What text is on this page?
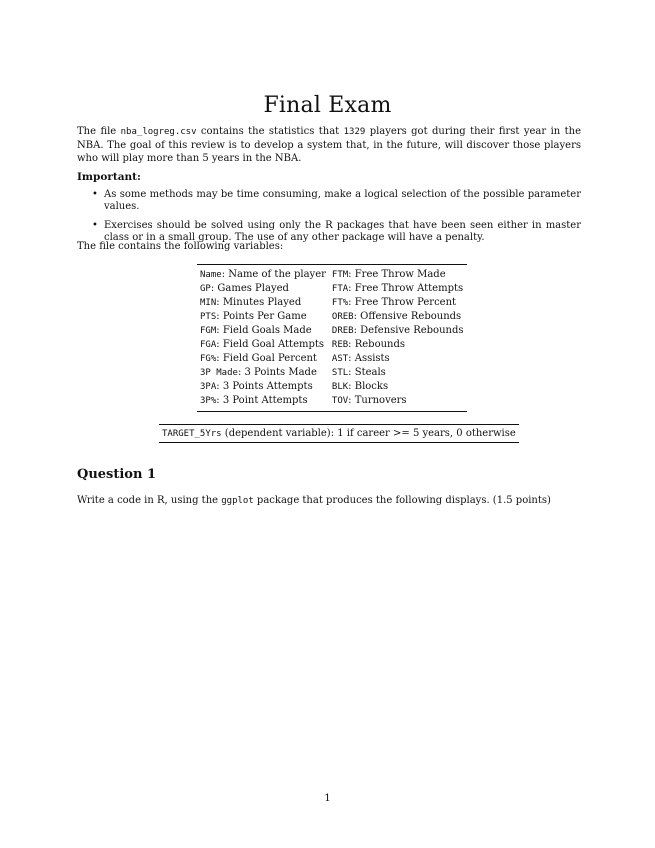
Final Exam

The file nba_logreg.csv contains the statistics that 1329 players got during their first year in the NBA. The goal of this review is to develop a system that, in the future, will discover those players who will play more than 5 years in the NBA.

Important:
• As some methods may be time consuming, make a logical selection of the possible parameter values.
• Exercises should be solved using only the R packages that have been seen either in master class or in a small group. The use of any other package will have a penalty.
The file contains the following variables:
Name: Name of the player	FTM: Free Throw Made
GP: Games Played	FTA: Free Throw Attempts
MIN: Minutes Played	FT%: Free Throw Percent
PTS: Points Per Game	OREB: Offensive Rebounds
FGM: Field Goals Made	DREB: Defensive Rebounds
FGA: Field Goal Attempts	REB: Rebounds
FG%: Field Goal Percent	AST: Assists
3P Made: 3 Points Made	STL: Steals
3PA: 3 Points Attempts	BLK: Blocks
3P%: 3 Point Attempts	TOV: Turnovers
TARGET_5Yrs (dependent variable): 1 if career >= 5 years, 0 otherwise
Question 1
Write a code in R, using the ggplot package that produces the following displays. (1.5 points)
1
